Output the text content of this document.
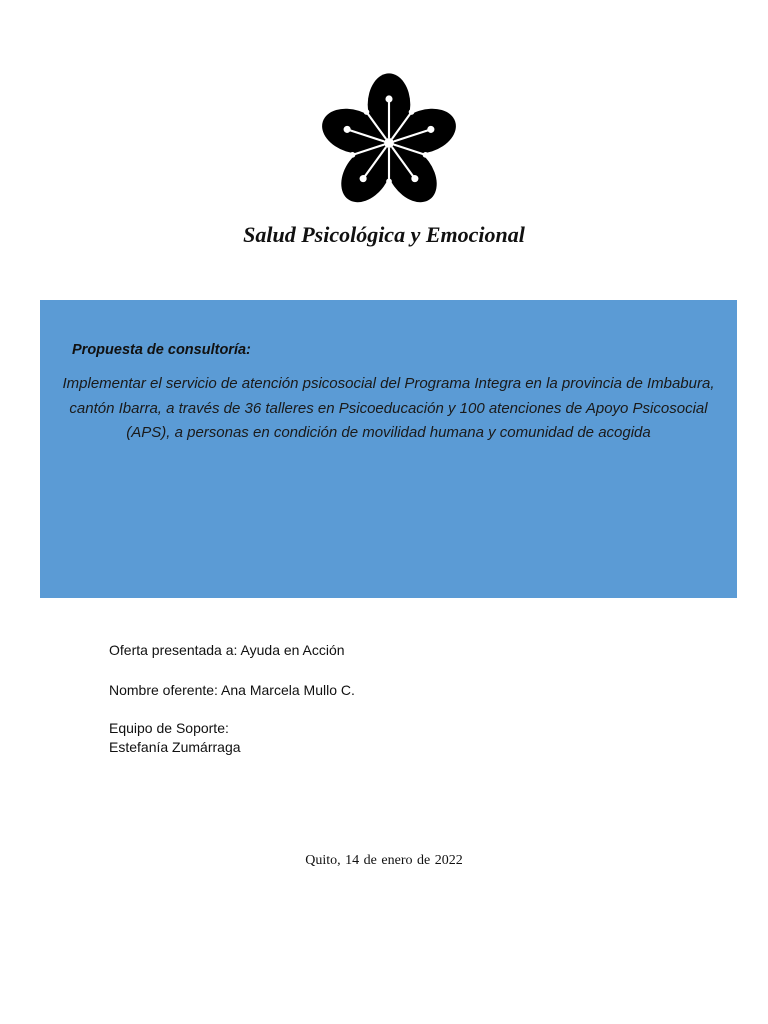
Salud Psicológica y Emocional
Propuesta de consultoría:
Implementar el servicio de atención psicosocial del Programa Integra en la provincia de Imbabura, cantón Ibarra, a través de 36 talleres en Psicoeducación y 100 atenciones de Apoyo Psicosocial (APS), a personas en condición de movilidad humana y comunidad de acogida
Oferta presentada a: Ayuda en Acción
Nombre oferente: Ana Marcela Mullo C.
Equipo de Soporte:
Estefanía Zumárraga
Quito, 14 de enero de 2022
